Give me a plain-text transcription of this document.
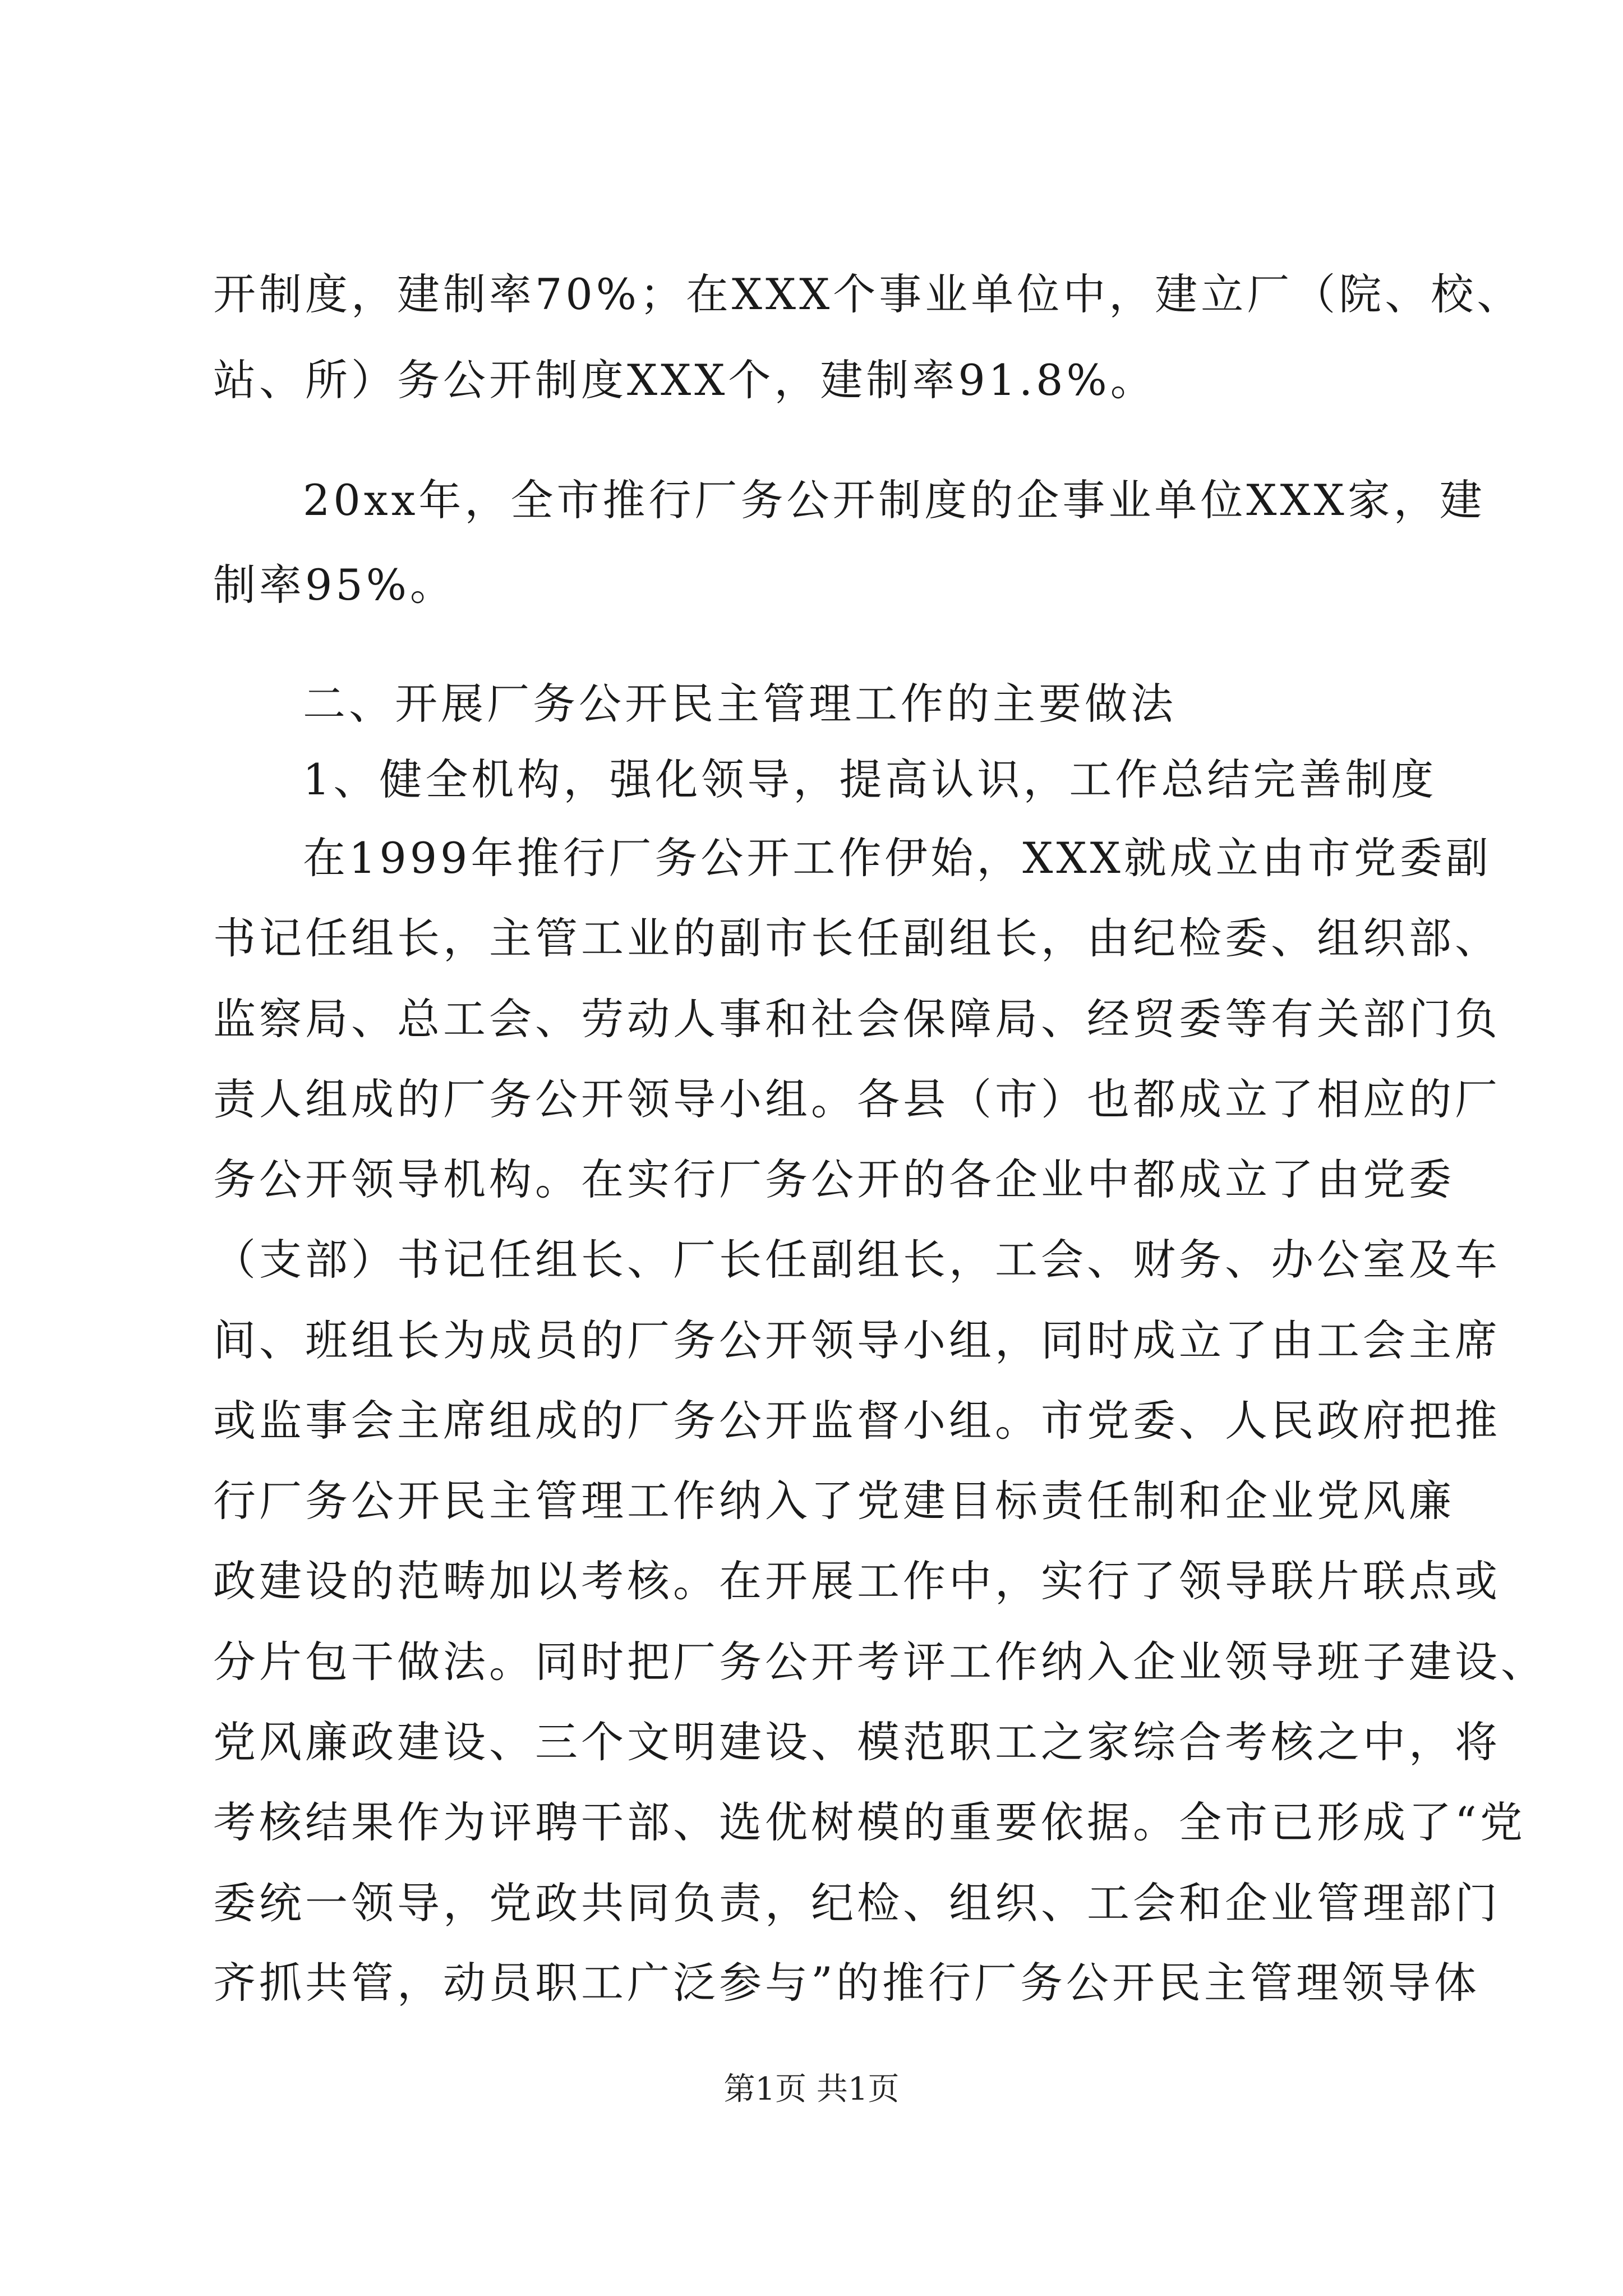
开制度，建制率70%；在XXX个事业单位中，建立厂（院、校、
站、所）务公开制度XXX个，建制率91.8%。
20xx年，全市推行厂务公开制度的企事业单位XXX家，建
制率95%。
二、开展厂务公开民主管理工作的主要做法
1、健全机构，强化领导，提高认识，工作总结完善制度
在1999年推行厂务公开工作伊始，XXX就成立由市党委副
书记任组长，主管工业的副市长任副组长，由纪检委、组织部、
监察局、总工会、劳动人事和社会保障局、经贸委等有关部门负
责人组成的厂务公开领导小组。各县（市）也都成立了相应的厂
务公开领导机构。在实行厂务公开的各企业中都成立了由党委
（支部）书记任组长、厂长任副组长，工会、财务、办公室及车
间、班组长为成员的厂务公开领导小组，同时成立了由工会主席
或监事会主席组成的厂务公开监督小组。市党委、人民政府把推
行厂务公开民主管理工作纳入了党建目标责任制和企业党风廉
政建设的范畴加以考核。在开展工作中，实行了领导联片联点或
分片包干做法。同时把厂务公开考评工作纳入企业领导班子建设、
党风廉政建设、三个文明建设、模范职工之家综合考核之中，将
考核结果作为评聘干部、选优树模的重要依据。全市已形成了“党
委统一领导，党政共同负责，纪检、组织、工会和企业管理部门
齐抓共管，动员职工广泛参与”的推行厂务公开民主管理领导体
第1页 共1页
